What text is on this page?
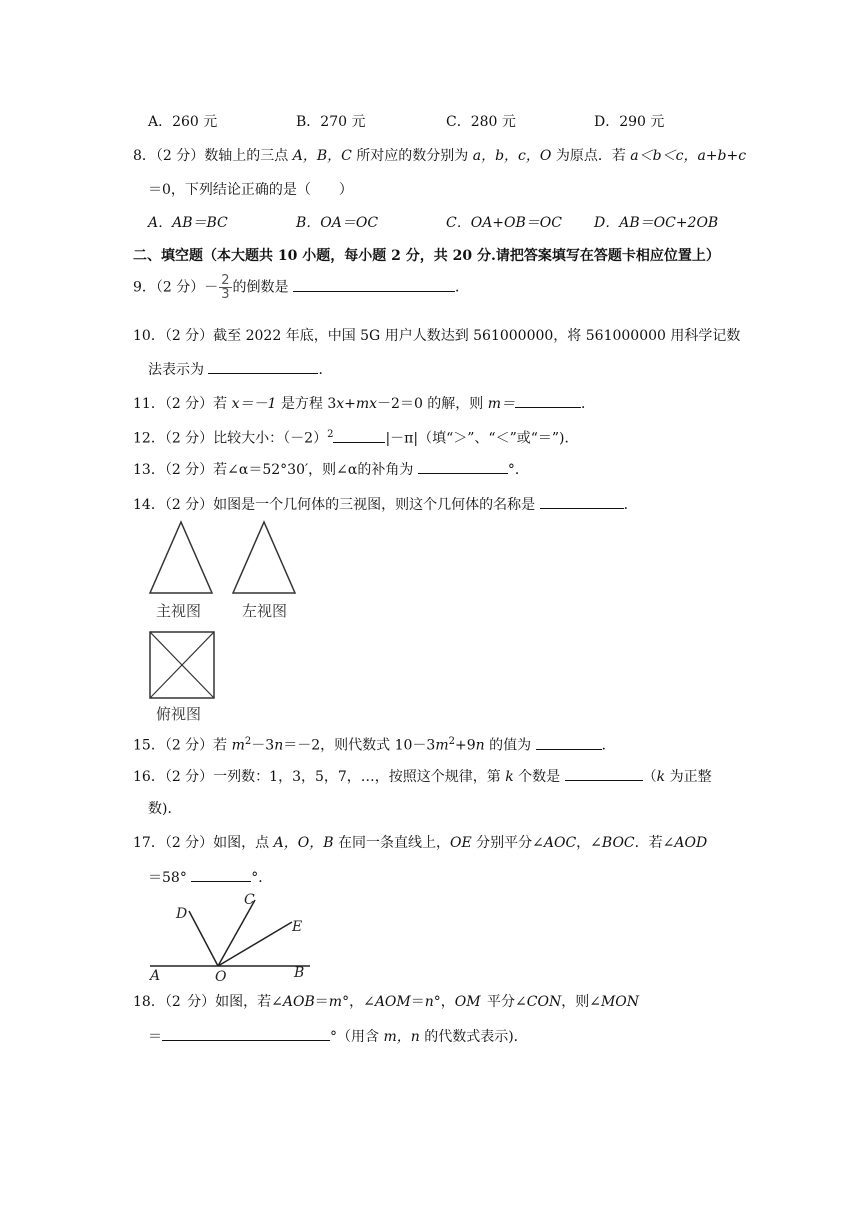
A．260 元	B．270 元	C．280 元	D．290 元
8．（2 分）数轴上的三点 A，B，C 所对应的数分别为 a，b，c，O 为原点．若 a＜b＜c，a+b+c
＝0，下列结论正确的是（　　）
A．AB＝BC	B．OA＝OC	C．OA+OB＝OC D．AB＝OC+2OB
二、填空题（本大题共 10 小题，每小题 2 分，共 20 分.请把答案填写在答题卡相应位置上）
9．（2 分）－ $\frac{2}{3}$ 的倒数是	．
10．（2 分）截至 2022 年底，中国 5G 用户人数达到 561000000，将 561000000 用科学记数
法表示为	．
11．（2 分）若 x＝－1 是方程 3x+mx－2＝0 的解，则 m＝	．
12．（2 分）比较大小：$(-2)^2$	|－π|（填“＞”、“＜”或“＝”)．
13．（2 分）若∠α＝52°30′，则∠α的补角为	°．
14．（2 分）如图是一个几何体的三视图，则这个几何体的名称是	．
主视图	左视图
俯视图
15．（2 分）若 $m^2-3n=-2$，则代数式 $10-3m^2+9n$ 的值为	．
16．（2 分）一列数：1，3，5，7，…，按照这个规律，第 k 个数是	（k 为正整
数)．
17．（2 分）如图，点 A，O，B 在同一条直线上，OE 分别平分∠AOC，∠BOC．若∠AOD
＝58°	°．
D
C
E
A	O	B
18．（2 分）如图，若∠AOB＝m°，∠AOM＝n°，OM 平分∠CON，则∠MON
＝	°（用含 m，n 的代数式表示)．
